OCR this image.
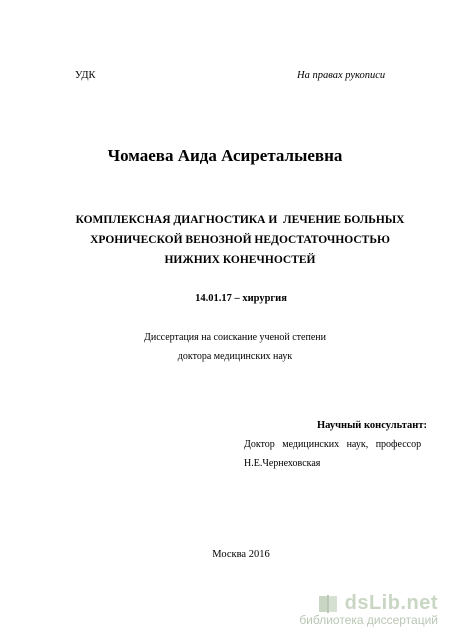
УДК	На правах рукописи
Чомаева Аида Асиреталыевна
КОМПЛЕКСНАЯ ДИАГНОСТИКА И  ЛЕЧЕНИЕ БОЛЬНЫХ
ХРОНИЧЕСКОЙ ВЕНОЗНОЙ НЕДОСТАТОЧНОСТЬЮ
НИЖНИХ КОНЕЧНОСТЕЙ
14.01.17 – хирургия
Диссертация на соискание ученой степени
доктора медицинских наук
Научный консультант:
Доктор медицинских наук, профессор
Н.Е.Чернеховская
Москва 2016
dsLib.net
библиотека диссертаций
